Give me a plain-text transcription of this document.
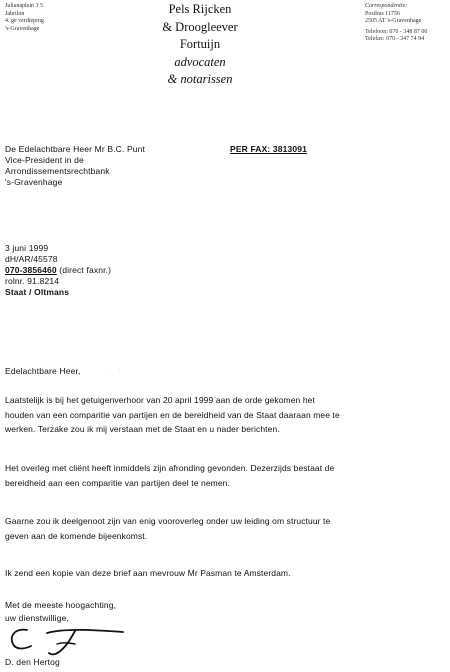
Julianaplein 3 5
Jabrilon
4. ge verdieping
's-Gravenhage
Pels Rijcken
& Droogleever
Fortuijn
advocaten
& notarissen
Correspondentie:
Postbus 11756
2505 AT 's-Gravenhage
Telefoon: 070 - 348 87 00
Telefax: 070 - 347 74 94
De Edelachtbare Heer Mr B.C. Punt
Vice-President in de
Arrondissementsrechtbank
's-Gravenhage
PER FAX: 3813091
3 juni 1999
dH/AR/45578
070-3856460 (direct faxnr.)
rolnr. 91.8214
Staat / Oltmans
Edelachtbare Heer,	·  ·  ·
Laatstelijk is bij het getuigenverhoor van 20 april 1999 aan de orde gekomen het
houden van een comparitie van partijen en de bereidheid van de Staat daaraan mee te
werken. Terzake zou ik mij verstaan met de Staat en u nader berichten.
Het overleg met cliënt heeft inmiddels zijn afronding gevonden. Dezerzijds bestaat de
bereidheid aan een comparitie van partijen deel te nemen.
Gaarne zou ik deelgenoot zijn van enig vooroverleg onder uw leiding om structuur te
geven aan de komende bijeenkomst.
Ik zend een kopie van deze brief aan mevrouw Mr Pasman te Amsterdam.
Met de meeste hoogachting,
uw dienstwillige,
D. den Hertog
